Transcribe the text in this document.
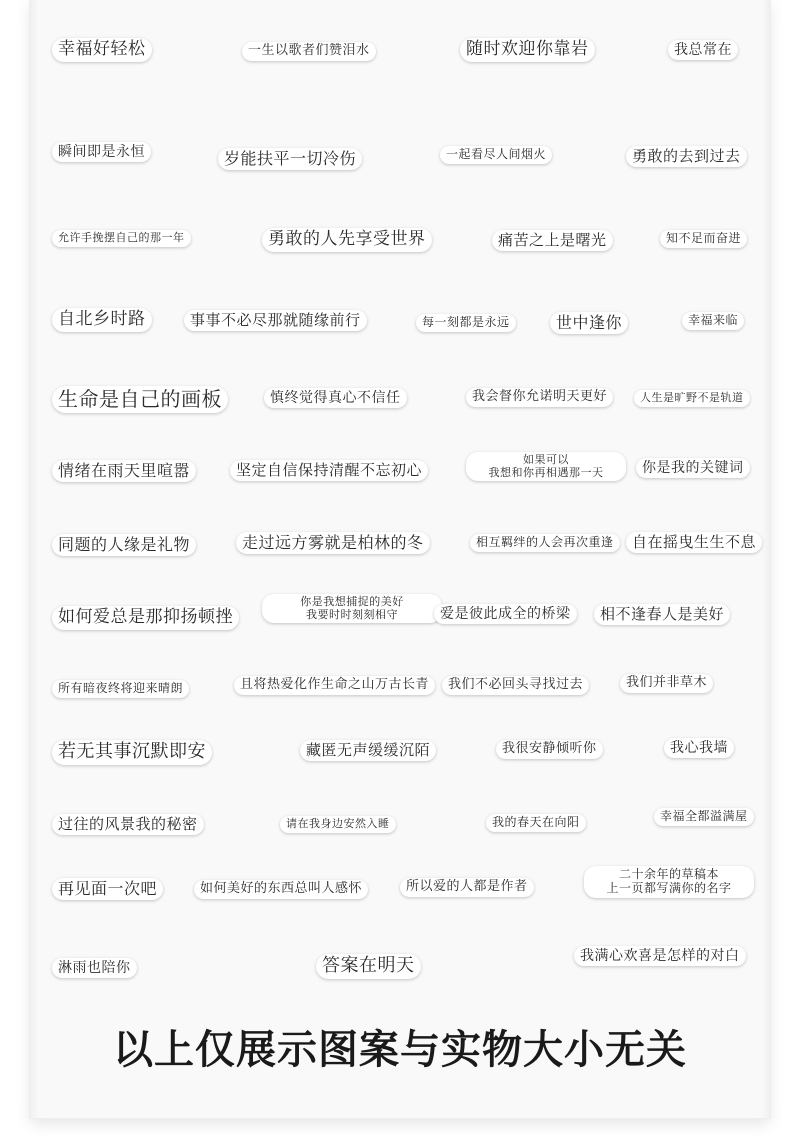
幸福好轻松	一生以歌者们赞泪水	随时欢迎你靠岩	我总常在
瞬间即是永恒	岁能扶平一切冷伤	一起看尽人间烟火	勇敢的去到过去
允许手挽摆自己的那一年	勇敢的人先享受世界	痛苦之上是曙光	知不足而奋进
自北乡时路	事事不必尽那就随缘前行	每一刻都是永远	世中逢你	幸福来临
生命是自己的画板	慎终觉得真心不信任	我会督你允诺明天更好	人生是旷野不是轨道
情绪在雨天里喧嚣	坚定自信保持清醒不忘初心
如果可以
我想和你再相遇那一天	你是我的关键词
同题的人缘是礼物	走过远方雾就是柏林的冬	相互羁绊的人会再次重逢	自在摇曳生生不息
如何爱总是那抑扬顿挫
你是我想捕捉的美好
我要时时刻刻相守	爱是彼此成全的桥梁	相不逢春人是美好
所有暗夜终将迎来晴朗	且将热爱化作生命之山万古长青	我们不必回头寻找过去	我们并非草木
若无其事沉默即安	藏匿无声缓缓沉陌	我很安静倾听你	我心我墙
过往的风景我的秘密	请在我身边安然入睡	我的春天在向阳	幸福全都溢满屋
再见面一次吧	如何美好的东西总叫人感怀	所以爱的人都是作者
二十余年的草稿本
上一页都写满你的名字
淋雨也陪你	答案在明天	我满心欢喜是怎样的对白
以上仅展示图案与实物大小无关
